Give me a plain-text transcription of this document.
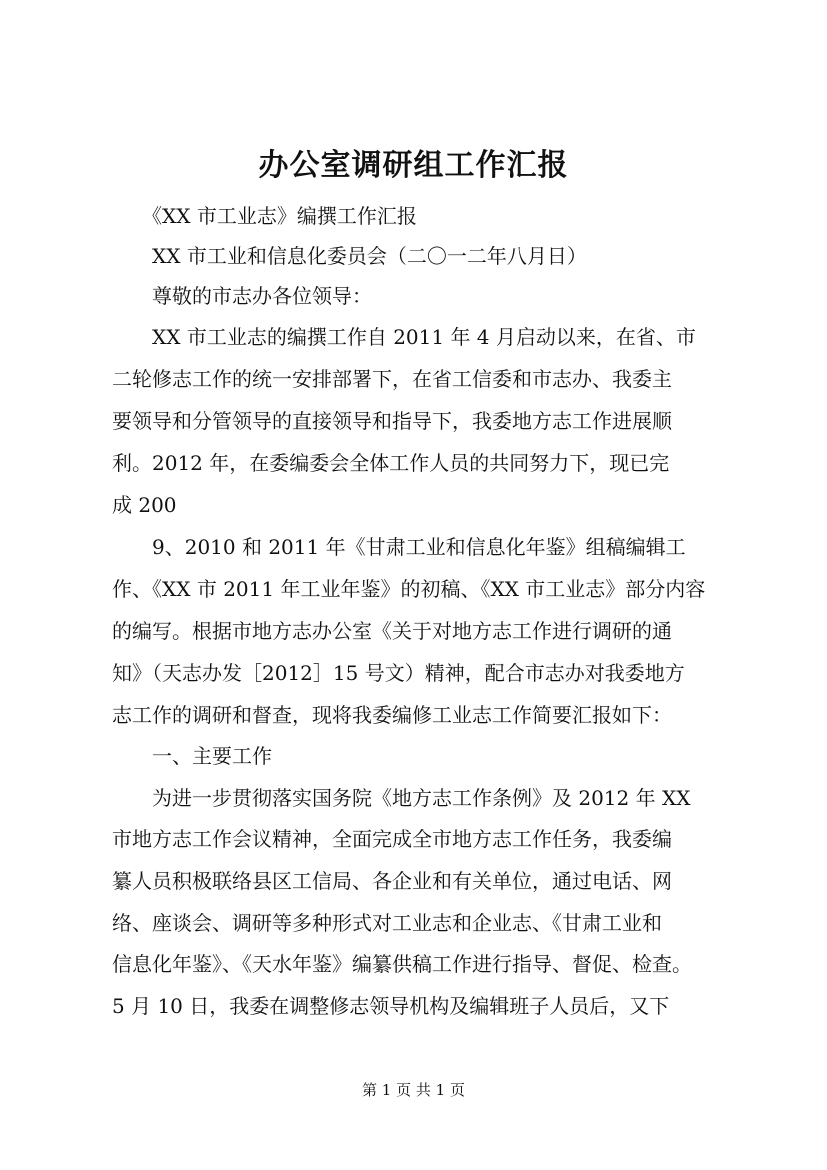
办公室调研组工作汇报
　　《XX 市工业志》编撰工作汇报
　　XX 市工业和信息化委员会（二〇一二年八月日）
　　尊敬的市志办各位领导：
　　XX 市工业志的编撰工作自 2011 年 4 月启动以来，在省、市
二轮修志工作的统一安排部署下，在省工信委和市志办、我委主
要领导和分管领导的直接领导和指导下，我委地方志工作进展顺
利。2012 年，在委编委会全体工作人员的共同努力下，现已完
成 200
　　9、2010 和 2011 年《甘肃工业和信息化年鉴》组稿编辑工
作、《XX 市 2011 年工业年鉴》的初稿、《XX 市工业志》部分内容
的编写。根据市地方志办公室《关于对地方志工作进行调研的通
知》（天志办发［2012］15 号文）精神，配合市志办对我委地方
志工作的调研和督查，现将我委编修工业志工作简要汇报如下：
　　一、主要工作
　　为进一步贯彻落实国务院《地方志工作条例》及 2012 年 XX
市地方志工作会议精神，全面完成全市地方志工作任务，我委编
纂人员积极联络县区工信局、各企业和有关单位，通过电话、网
络、座谈会、调研等多种形式对工业志和企业志、《甘肃工业和
信息化年鉴》、《天水年鉴》编纂供稿工作进行指导、督促、检查。
5 月 10 日，我委在调整修志领导机构及编辑班子人员后，又下
第 1 页 共 1 页
